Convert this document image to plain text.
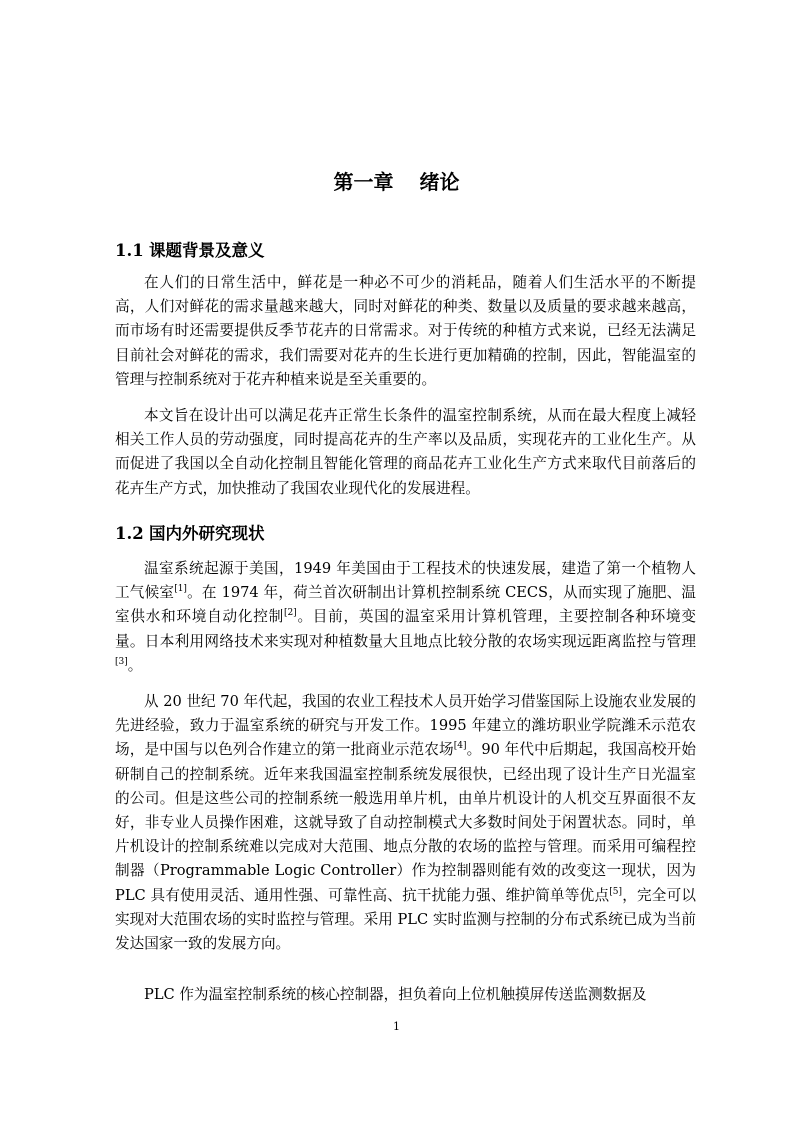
第一章 绪论
1.1 课题背景及意义

在人们的日常生活中，鲜花是一种必不可少的消耗品，随着人们生活水平的不断提高，人们对鲜花的需求量越来越大，同时对鲜花的种类、数量以及质量的要求越来越高，而市场有时还需要提供反季节花卉的日常需求。对于传统的种植方式来说，已经无法满足目前社会对鲜花的需求，我们需要对花卉的生长进行更加精确的控制，因此，智能温室的管理与控制系统对于花卉种植来说是至关重要的。

本文旨在设计出可以满足花卉正常生长条件的温室控制系统，从而在最大程度上减轻相关工作人员的劳动强度，同时提高花卉的生产率以及品质，实现花卉的工业化生产。从而促进了我国以全自动化控制且智能化管理的商品花卉工业化生产方式来取代目前落后的花卉生产方式，加快推动了我国农业现代化的发展进程。

1.2 国内外研究现状

温室系统起源于美国，1949 年美国由于工程技术的快速发展，建造了第一个植物人工气候室[1]。在 1974 年，荷兰首次研制出计算机控制系统 CECS，从而实现了施肥、温室供水和环境自动化控制[2]。目前，英国的温室采用计算机管理，主要控制各种环境变量。日本利用网络技术来实现对种植数量大且地点比较分散的农场实现远距离监控与管理[3]。

从 20 世纪 70 年代起，我国的农业工程技术人员开始学习借鉴国际上设施农业发展的先进经验，致力于温室系统的研究与开发工作。1995 年建立的潍坊职业学院潍禾示范农场，是中国与以色列合作建立的第一批商业示范农场[4]。90 年代中后期起，我国高校开始研制自己的控制系统。近年来我国温室控制系统发展很快，已经出现了设计生产日光温室的公司。但是这些公司的控制系统一般选用单片机，由单片机设计的人机交互界面很不友好，非专业人员操作困难，这就导致了自动控制模式大多数时间处于闲置状态。同时，单片机设计的控制系统难以完成对大范围、地点分散的农场的监控与管理。而采用可编程控制器（Programmable Logic Controller）作为控制器则能有效的改变这一现状，因为 PLC 具有使用灵活、通用性强、可靠性高、抗干扰能力强、维护简单等优点[5]，完全可以实现对大范围农场的实时监控与管理。采用 PLC 实时监测与控制的分布式系统已成为当前发达国家一致的发展方向。

PLC 作为温室控制系统的核心控制器，担负着向上位机触摸屏传送监测数据及

1
